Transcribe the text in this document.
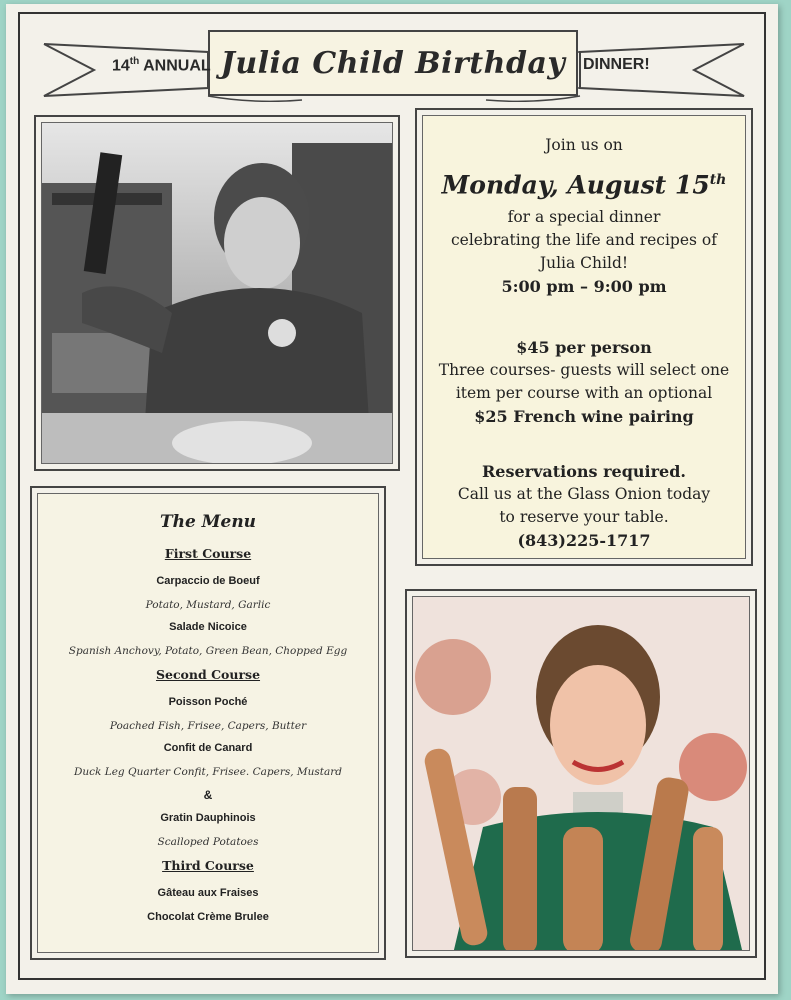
Julia Child Birthday
14th ANNUAL	DINNER!

Join us on

Monday, August 15th

for a special dinner

celebrating the life and recipes of

Julia Child!

5:00 pm – 9:00 pm

$45 per person

Three courses- guests will select one

item per course with an optional

$25 French wine pairing

Reservations required.

Call us at the Glass Onion today

to reserve your table.

(843)225-1717

The Menu
First Course
Carpaccio de Boeuf
Potato, Mustard, Garlic
Salade Nicoice
Spanish Anchovy, Potato, Green Bean, Chopped Egg
Second Course
Poisson Poché
Poached Fish, Frisee, Capers, Butter
Confit de Canard
Duck Leg Quarter Confit, Frisee. Capers, Mustard
&
Gratin Dauphinois
Scalloped Potatoes
Third Course
Gâteau aux Fraises
Chocolat Crème Brulee
